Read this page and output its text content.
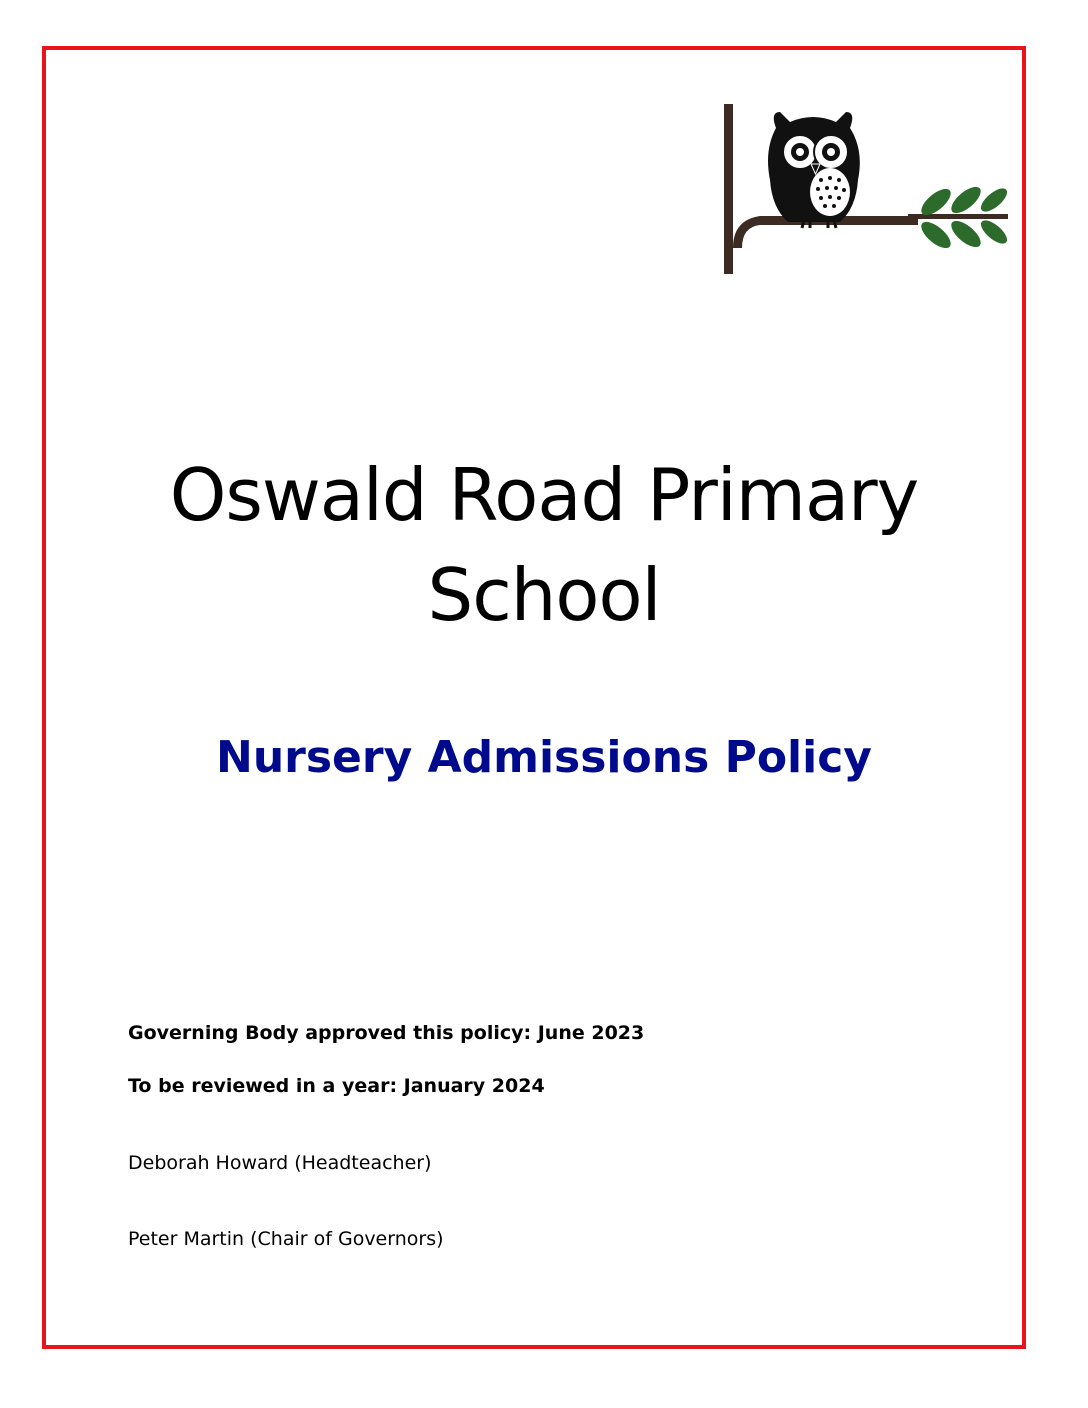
Oswald Road Primary
School
Nursery Admissions Policy
Governing Body approved this policy: June 2023
To be reviewed in a year: January 2024
Deborah Howard (Headteacher)
Peter Martin (Chair of Governors)
